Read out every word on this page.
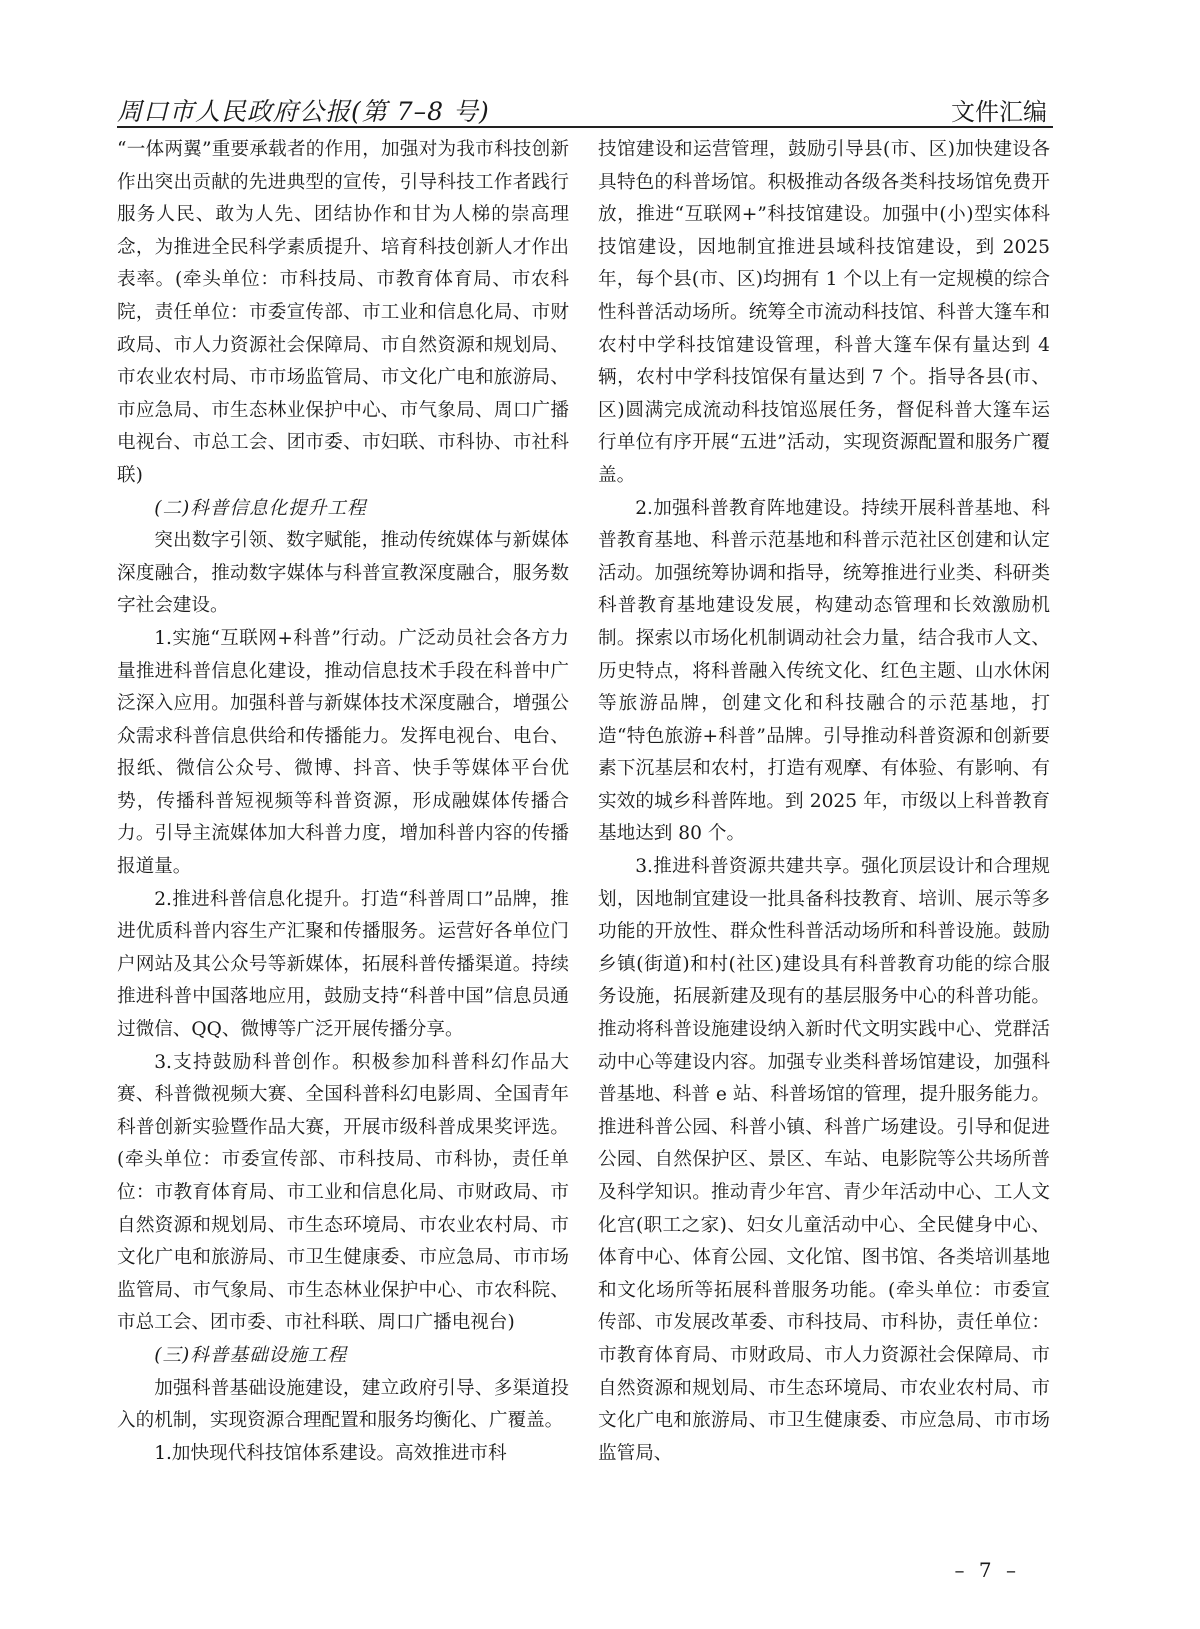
周口市人民政府公报(第 7–8 号)	文件汇编

“一体两翼”重要承载者的作用，加强对为我市科技创新作出突出贡献的先进典型的宣传，引导科技工作者践行服务人民、敢为人先、团结协作和甘为人梯的崇高理念，为推进全民科学素质提升、培育科技创新人才作出表率。(牵头单位：市科技局、市教育体育局、市农科院，责任单位：市委宣传部、市工业和信息化局、市财政局、市人力资源社会保障局、市自然资源和规划局、市农业农村局、市市场监管局、市文化广电和旅游局、市应急局、市生态林业保护中心、市气象局、周口广播电视台、市总工会、团市委、市妇联、市科协、市社科联)

(二)科普信息化提升工程

突出数字引领、数字赋能，推动传统媒体与新媒体深度融合，推动数字媒体与科普宣教深度融合，服务数字社会建设。

1.实施“互联网+科普”行动。广泛动员社会各方力量推进科普信息化建设，推动信息技术手段在科普中广泛深入应用。加强科普与新媒体技术深度融合，增强公众需求科普信息供给和传播能力。发挥电视台、电台、报纸、微信公众号、微博、抖音、快手等媒体平台优势，传播科普短视频等科普资源，形成融媒体传播合力。引导主流媒体加大科普力度，增加科普内容的传播报道量。

2.推进科普信息化提升。打造“科普周口”品牌，推进优质科普内容生产汇聚和传播服务。运营好各单位门户网站及其公众号等新媒体，拓展科普传播渠道。持续推进科普中国落地应用，鼓励支持“科普中国”信息员通过微信、QQ、微博等广泛开展传播分享。

3.支持鼓励科普创作。积极参加科普科幻作品大赛、科普微视频大赛、全国科普科幻电影周、全国青年科普创新实验暨作品大赛，开展市级科普成果奖评选。(牵头单位：市委宣传部、市科技局、市科协，责任单位：市教育体育局、市工业和信息化局、市财政局、市自然资源和规划局、市生态环境局、市农业农村局、市文化广电和旅游局、市卫生健康委、市应急局、市市场监管局、市气象局、市生态林业保护中心、市农科院、市总工会、团市委、市社科联、周口广播电视台)

(三)科普基础设施工程

加强科普基础设施建设，建立政府引导、多渠道投入的机制，实现资源合理配置和服务均衡化、广覆盖。

1.加快现代科技馆体系建设。高效推进市科

技馆建设和运营管理，鼓励引导县(市、区)加快建设各具特色的科普场馆。积极推动各级各类科技场馆免费开放，推进“互联网+”科技馆建设。加强中(小)型实体科技馆建设，因地制宜推进县域科技馆建设，到 2025 年，每个县(市、区)均拥有 1 个以上有一定规模的综合性科普活动场所。统筹全市流动科技馆、科普大篷车和农村中学科技馆建设管理，科普大篷车保有量达到 4 辆，农村中学科技馆保有量达到 7 个。指导各县(市、区)圆满完成流动科技馆巡展任务，督促科普大篷车运行单位有序开展“五进”活动，实现资源配置和服务广覆盖。

2.加强科普教育阵地建设。持续开展科普基地、科普教育基地、科普示范基地和科普示范社区创建和认定活动。加强统筹协调和指导，统筹推进行业类、科研类科普教育基地建设发展，构建动态管理和长效激励机制。探索以市场化机制调动社会力量，结合我市人文、历史特点，将科普融入传统文化、红色主题、山水休闲等旅游品牌，创建文化和科技融合的示范基地，打造“特色旅游+科普”品牌。引导推动科普资源和创新要素下沉基层和农村，打造有观摩、有体验、有影响、有实效的城乡科普阵地。到 2025 年，市级以上科普教育基地达到 80 个。

3.推进科普资源共建共享。强化顶层设计和合理规划，因地制宜建设一批具备科技教育、培训、展示等多功能的开放性、群众性科普活动场所和科普设施。鼓励乡镇(街道)和村(社区)建设具有科普教育功能的综合服务设施，拓展新建及现有的基层服务中心的科普功能。推动将科普设施建设纳入新时代文明实践中心、党群活动中心等建设内容。加强专业类科普场馆建设，加强科普基地、科普 e 站、科普场馆的管理，提升服务能力。推进科普公园、科普小镇、科普广场建设。引导和促进公园、自然保护区、景区、车站、电影院等公共场所普及科学知识。推动青少年宫、青少年活动中心、工人文化宫(职工之家)、妇女儿童活动中心、全民健身中心、体育中心、体育公园、文化馆、图书馆、各类培训基地和文化场所等拓展科普服务功能。(牵头单位：市委宣传部、市发展改革委、市科技局、市科协，责任单位：市教育体育局、市财政局、市人力资源社会保障局、市自然资源和规划局、市生态环境局、市农业农村局、市文化广电和旅游局、市卫生健康委、市应急局、市市场监管局、

– 7 –
